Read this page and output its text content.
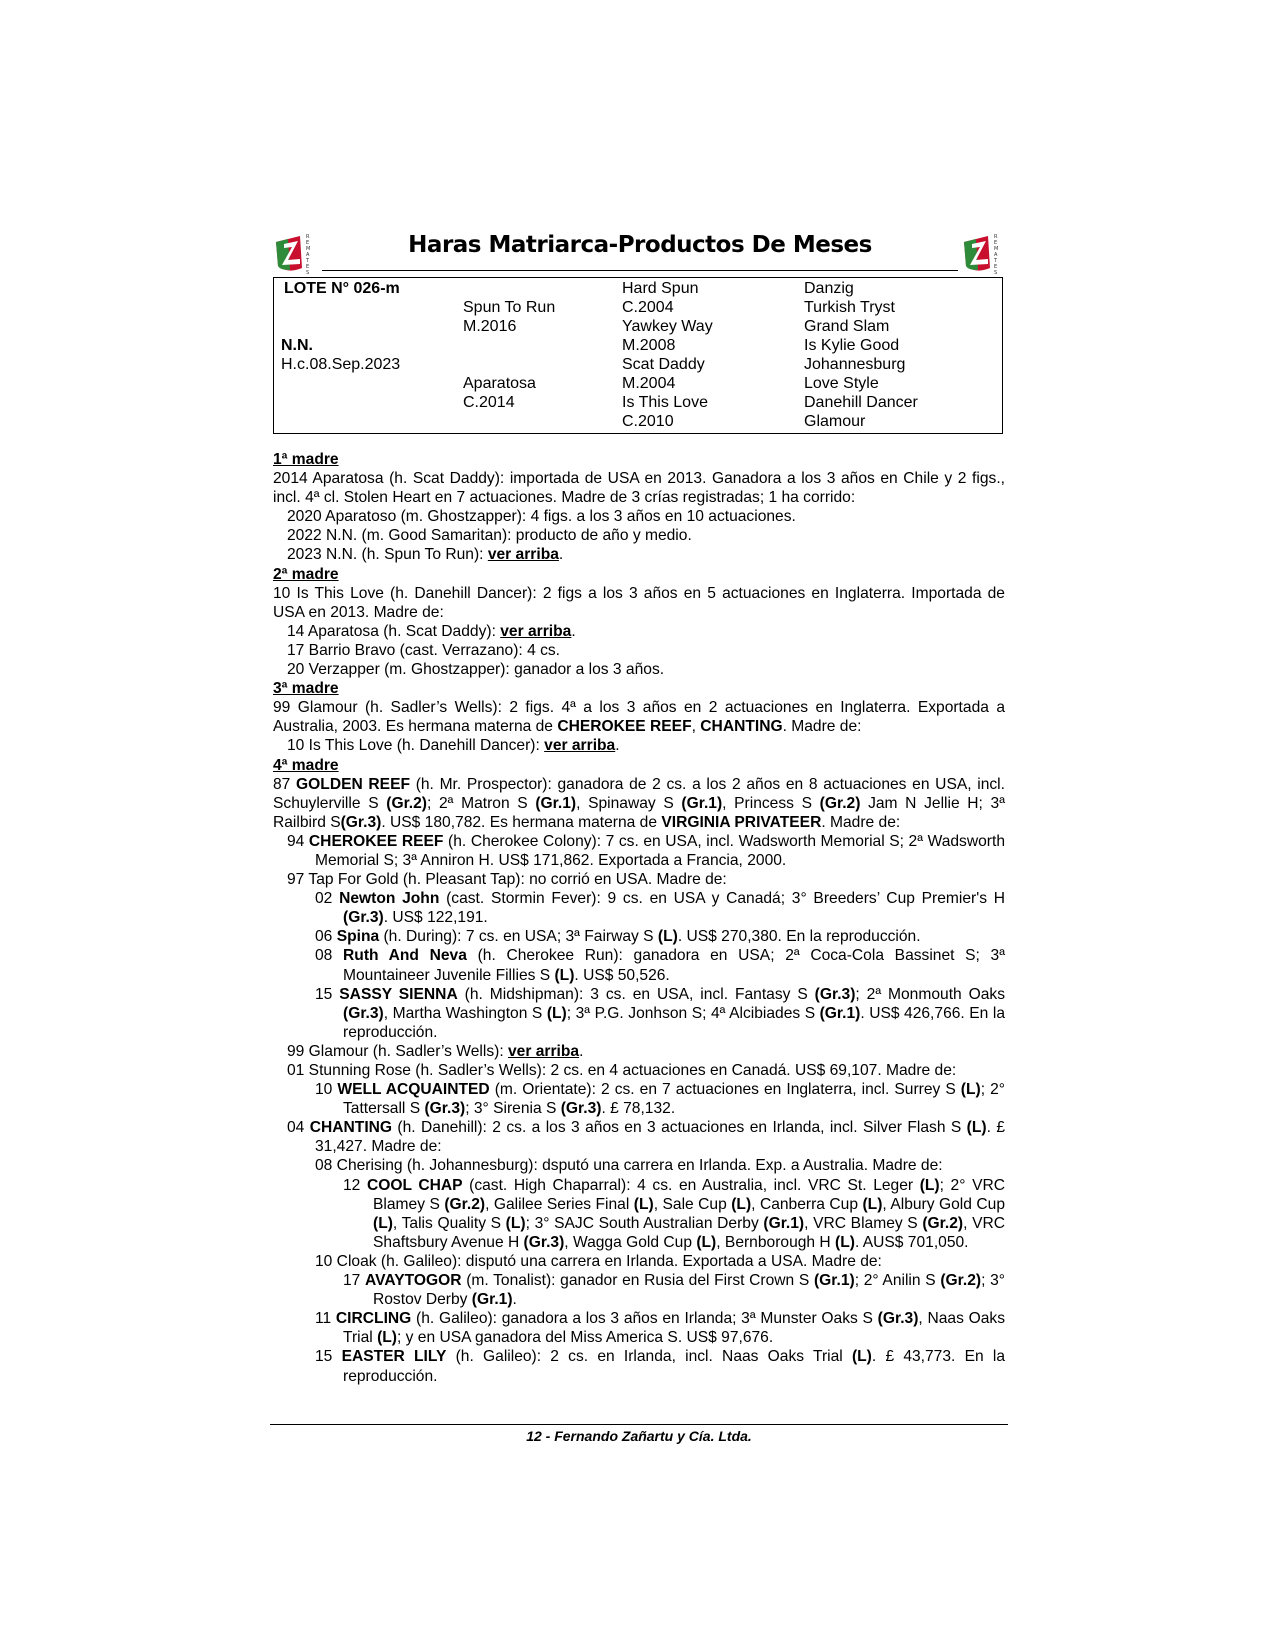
R
E
M
A
T
E
S
Haras Matriarca-Productos De Meses	R
E
M
A
T
E
S
LOTE N° 026-m
N.N.
H.c.08.Sep.2023
Spun To Run
M.2016
Aparatosa
C.2014
Hard Spun
C.2004
Yawkey Way
M.2008
Scat Daddy
M.2004
Is This Love
C.2010
Danzig
Turkish Tryst
Grand Slam
Is Kylie Good
Johannesburg
Love Style
Danehill Dancer
Glamour

1ª madre

2014 Aparatosa (h. Scat Daddy): importada de USA en 2013. Ganadora a los 3 años en Chile y 2 figs., incl. 4ª cl. Stolen Heart en 7 actuaciones. Madre de 3 crías registradas; 1 ha corrido:

2020 Aparatoso (m. Ghostzapper): 4 figs. a los 3 años en 10 actuaciones.

2022 N.N. (m. Good Samaritan): producto de año y medio.

2023 N.N. (h. Spun To Run): ver arriba.

2ª madre

10 Is This Love (h. Danehill Dancer): 2 figs a los 3 años en 5 actuaciones en Inglaterra. Importada de USA en 2013. Madre de:

14 Aparatosa (h. Scat Daddy): ver arriba.

17 Barrio Bravo (cast. Verrazano): 4 cs.

20 Verzapper (m. Ghostzapper): ganador a los 3 años.

3ª madre

99 Glamour (h. Sadler’s Wells): 2 figs. 4ª a los 3 años en 2 actuaciones en Inglaterra. Exportada a Australia, 2003. Es hermana materna de CHEROKEE REEF, CHANTING. Madre de:

10 Is This Love (h. Danehill Dancer): ver arriba.

4ª madre

87 GOLDEN REEF (h. Mr. Prospector): ganadora de 2 cs. a los 2 años en 8 actuaciones en USA, incl. Schuylerville S (Gr.2); 2ª Matron S (Gr.1), Spinaway S (Gr.1), Princess S (Gr.2) Jam N Jellie H; 3ª Railbird S(Gr.3). US$ 180,782. Es hermana materna de VIRGINIA PRIVATEER. Madre de:

94 CHEROKEE REEF (h. Cherokee Colony): 7 cs. en USA, incl. Wadsworth Memorial S; 2ª Wadsworth Memorial S; 3ª Anniron H. US$ 171,862. Exportada a Francia, 2000.

97 Tap For Gold (h. Pleasant Tap): no corrió en USA. Madre de:

02 Newton John (cast. Stormin Fever): 9 cs. en USA y Canadá; 3° Breeders’ Cup Premier's H (Gr.3). US$ 122,191.

06 Spina (h. During): 7 cs. en USA; 3ª Fairway S (L). US$ 270,380. En la reproducción.

08 Ruth And Neva (h. Cherokee Run): ganadora en USA; 2ª Coca-Cola Bassinet S; 3ª Mountaineer Juvenile Fillies S (L). US$ 50,526.

15 SASSY SIENNA (h. Midshipman): 3 cs. en USA, incl. Fantasy S (Gr.3); 2ª Monmouth Oaks (Gr.3), Martha Washington S (L); 3ª P.G. Jonhson S; 4ª Alcibiades S (Gr.1). US$ 426,766. En la reproducción.

99 Glamour (h. Sadler’s Wells): ver arriba.

01 Stunning Rose (h. Sadler’s Wells): 2 cs. en 4 actuaciones en Canadá. US$ 69,107. Madre de:

10 WELL ACQUAINTED (m. Orientate): 2 cs. en 7 actuaciones en Inglaterra, incl. Surrey S (L); 2° Tattersall S (Gr.3); 3° Sirenia S (Gr.3). £ 78,132.

04 CHANTING (h. Danehill): 2 cs. a los 3 años en 3 actuaciones en Irlanda, incl. Silver Flash S (L). £ 31,427. Madre de:

08 Cherising (h. Johannesburg): dsputó una carrera en Irlanda. Exp. a Australia. Madre de:

12 COOL CHAP (cast. High Chaparral): 4 cs. en Australia, incl. VRC St. Leger (L); 2° VRC Blamey S (Gr.2), Galilee Series Final (L), Sale Cup (L), Canberra Cup (L), Albury Gold Cup (L), Talis Quality S (L); 3° SAJC South Australian Derby (Gr.1), VRC Blamey S (Gr.2), VRC Shaftsbury Avenue H (Gr.3), Wagga Gold Cup (L), Bernborough H (L). AUS$ 701,050.

10 Cloak (h. Galileo): disputó una carrera en Irlanda. Exportada a USA. Madre de:

17 AVAYTOGOR (m. Tonalist): ganador en Rusia del First Crown S (Gr.1); 2° Anilin S (Gr.2); 3° Rostov Derby (Gr.1).

11 CIRCLING (h. Galileo): ganadora a los 3 años en Irlanda; 3ª Munster Oaks S (Gr.3), Naas Oaks Trial (L); y en USA ganadora del Miss America S. US$ 97,676.

15 EASTER LILY (h. Galileo): 2 cs. en Irlanda, incl. Naas Oaks Trial (L). £ 43,773. En la reproducción.

12 - Fernando Zañartu y Cía. Ltda.
